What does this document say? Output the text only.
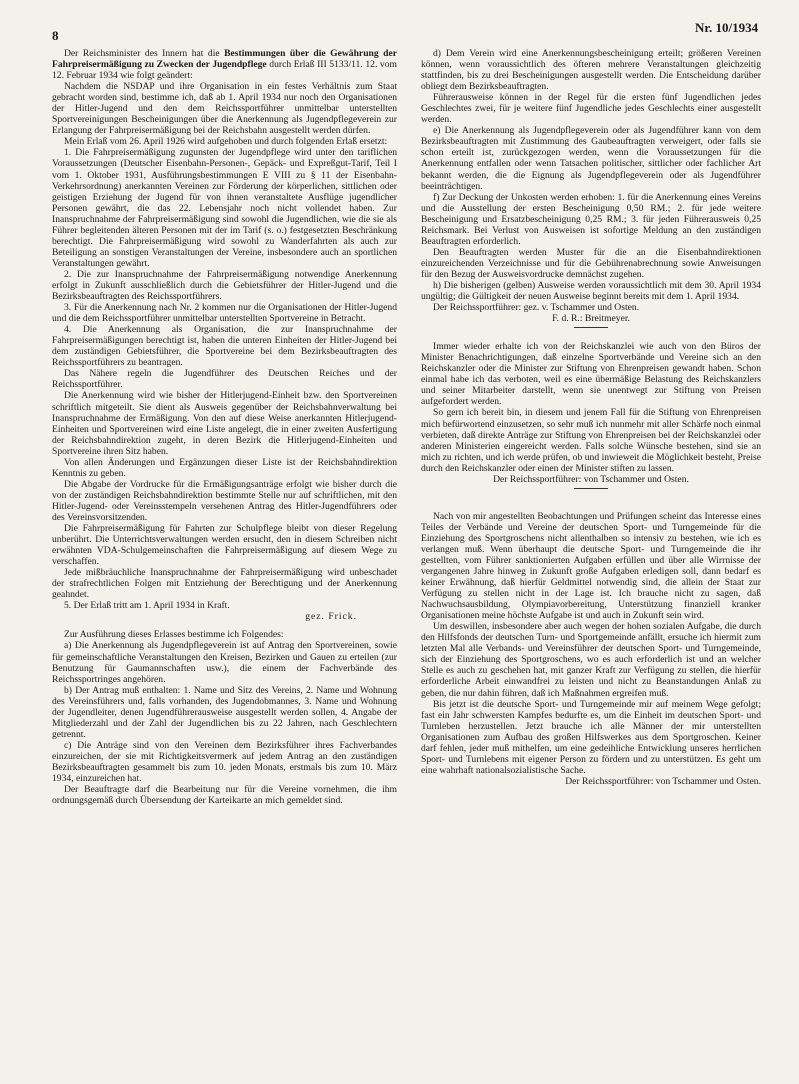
8
Nr. 10/1934

Der Reichsminister des Innern hat die Bestimmungen über die Gewährung der Fahrpreisermäßigung zu Zwecken der Jugendpflege durch Erlaß III 5133/11. 12. vom 12. Februar 1934 wie folgt geändert:

Nachdem die NSDAP und ihre Organisation in ein festes Verhältnis zum Staat gebracht worden sind, bestimme ich, daß ab 1. April 1934 nur noch den Organisationen der Hitler-Jugend und den dem Reichssportführer unmittelbar unterstellten Sportvereinigungen Bescheinigungen über die Anerkennung als Jugendpflegeverein zur Erlangung der Fahrpreisermäßigung bei der Reichsbahn ausgestellt werden dürfen.

Mein Erlaß vom 26. April 1926 wird aufgehoben und durch folgenden Erlaß ersetzt:

1. Die Fahrpreisermäßigung zugunsten der Jugendpflege wird unter den tariflichen Voraussetzungen (Deutscher Eisenbahn-Personen-, Gepäck- und Expreßgut-Tarif, Teil I vom 1. Oktober 1931, Ausführungsbestimmungen E VIII zu § 11 der Eisenbahn-Verkehrsordnung) anerkannten Vereinen zur Förderung der körperlichen, sittlichen oder geistigen Erziehung der Jugend für von ihnen veranstaltete Ausflüge jugendlicher Personen gewährt, die das 22. Lebensjahr noch nicht vollendet haben. Zur Inanspruchnahme der Fahrpreisermäßigung sind sowohl die Jugendlichen, wie die sie als Führer begleitenden älteren Personen mit der im Tarif (s. o.) festgesetzten Beschränkung berechtigt. Die Fahrpreisermäßigung wird sowohl zu Wanderfahrten als auch zur Beteiligung an sonstigen Veranstaltungen der Vereine, insbesondere auch an sportlichen Veranstaltungen gewährt.

2. Die zur Inanspruchnahme der Fahrpreisermäßigung notwendige Anerkennung erfolgt in Zukunft ausschließlich durch die Gebietsführer der Hitler-Jugend und die Bezirksbeauftragten des Reichssportführers.

3. Für die Anerkennung nach Nr. 2 kommen nur die Organisationen der Hitler-Jugend und die dem Reichssportführer unmittelbar unterstellten Sportvereine in Betracht.

4. Die Anerkennung als Organisation, die zur Inanspruchnahme der Fahrpreisermäßigungen berechtigt ist, haben die unteren Einheiten der Hitler-Jugend bei dem zuständigen Gebietsführer, die Sportvereine bei dem Bezirksbeauftragten des Reichssportführers zu beantragen.

Das Nähere regeln die Jugendführer des Deutschen Reiches und der Reichssportführer.

Die Anerkennung wird wie bisher der Hitlerjugend-Einheit bzw. den Sportvereinen schriftlich mitgeteilt. Sie dient als Ausweis gegenüber der Reichsbahnverwaltung bei Inanspruchnahme der Ermäßigung. Von den auf diese Weise anerkannten Hitlerjugend-Einheiten und Sportvereinen wird eine Liste angelegt, die in einer zweiten Ausfertigung der Reichsbahndirektion zugeht, in deren Bezirk die Hitlerjugend-Einheiten und Sportvereine ihren Sitz haben.

Von allen Änderungen und Ergänzungen dieser Liste ist der Reichsbahndirektion Kenntnis zu geben.

Die Abgabe der Vordrucke für die Ermäßigungsanträge erfolgt wie bisher durch die von der zuständigen Reichsbahndirektion bestimmte Stelle nur auf schriftlichen, mit den Hitler-Jugend- oder Vereinsstempeln versehenen Antrag des Hitler-Jugendführers oder des Vereinsvorsitzenden.

Die Fahrpreisermäßigung für Fahrten zur Schulpflege bleibt von dieser Regelung unberührt. Die Unterrichtsverwaltungen werden ersucht, den in diesem Schreiben nicht erwähnten VDA-Schulgemeinschaften die Fahrpreisermäßigung auf diesem Wege zu verschaffen.

Jede mißbräuchliche Inanspruchnahme der Fahrpreisermäßigung wird unbeschadet der strafrechtlichen Folgen mit Entziehung der Berechtigung und der Anerkennung geahndet.

5. Der Erlaß tritt am 1. April 1934 in Kraft.

gez. Frick.

Zur Ausführung dieses Erlasses bestimme ich Folgendes:

a) Die Anerkennung als Jugendpflegeverein ist auf Antrag den Sportvereinen, sowie für gemeinschaftliche Veranstaltungen den Kreisen, Bezirken und Gauen zu erteilen (zur Benutzung für Gaumannschaften usw.), die einem der Fachverbände des Reichssportringes angehören.

b) Der Antrag muß enthalten: 1. Name und Sitz des Vereins, 2. Name und Wohnung des Vereinsführers und, falls vorhanden, des Jugendobmannes, 3. Name und Wohnung der Jugendleiter, denen Jugendführerausweise ausgestellt werden sollen, 4. Angabe der Mitgliederzahl und der Zahl der Jugendlichen bis zu 22 Jahren, nach Geschlechtern getrennt.

c) Die Anträge sind von den Vereinen dem Bezirksführer ihres Fachverbandes einzureichen, der sie mit Richtigkeitsvermerk auf jedem Antrag an den zuständigen Bezirksbeauftragten gesammelt bis zum 10. jeden Monats, erstmals bis zum 10. März 1934, einzureichen hat.

Der Beauftragte darf die Bearbeitung nur für die Vereine vornehmen, die ihm ordnungsgemäß durch Übersendung der Karteikarte an mich gemeldet sind.

d) Dem Verein wird eine Anerkennungsbescheinigung erteilt; größeren Vereinen können, wenn voraussichtlich des öfteren mehrere Veranstaltungen gleichzeitig stattfinden, bis zu drei Bescheinigungen ausgestellt werden. Die Entscheidung darüber obliegt dem Bezirksbeauftragten.

Führerausweise können in der Regel für die ersten fünf Jugendlichen jedes Geschlechtes zwei, für je weitere fünf Jugendliche jedes Geschlechts einer ausgestellt werden.

e) Die Anerkennung als Jugendpflegeverein oder als Jugendführer kann von dem Bezirksbeauftragten mit Zustimmung des Gaubeauftragten verweigert, oder falls sie schon erteilt ist, zurückgezogen werden, wenn die Voraussetzungen für die Anerkennung entfallen oder wenn Tatsachen politischer, sittlicher oder fachlicher Art bekannt werden, die die Eignung als Jugendpflegeverein oder als Jugendführer beeinträchtigen.

f) Zur Deckung der Unkosten werden erhoben: 1. für die Anerkennung eines Vereins und die Ausstellung der ersten Bescheinigung 0,50 RM.; 2. für jede weitere Bescheinigung und Ersatzbescheinigung 0,25 RM.; 3. für jeden Führerausweis 0,25 Reichsmark. Bei Verlust von Ausweisen ist sofortige Meldung an den zuständigen Beauftragten erforderlich.

Den Beauftragten werden Muster für die an die Eisenbahndirektionen einzureichenden Verzeichnisse und für die Gebührenabrechnung sowie Anweisungen für den Bezug der Ausweisvordrucke demnächst zugehen.

h) Die bisherigen (gelben) Ausweise werden voraussichtlich mit dem 30. April 1934 ungültig; die Gültigkeit der neuen Ausweise beginnt bereits mit dem 1. April 1934.

Der Reichssportführer: gez. v. Tschammer und Osten.

F. d. R.: Breitmeyer.

Immer wieder erhalte ich von der Reichskanzlei wie auch von den Büros der Minister Benachrichtigungen, daß einzelne Sportverbände und Vereine sich an den Reichskanzler oder die Minister zur Stiftung von Ehrenpreisen gewandt haben. Schon einmal habe ich das verboten, weil es eine übermäßige Belastung des Reichskanzlers und seiner Mitarbeiter darstellt, wenn sie unentwegt zur Stiftung von Preisen aufgefordert werden.

So gern ich bereit bin, in diesem und jenem Fall für die Stiftung von Ehrenpreisen mich befürwortend einzusetzen, so sehr muß ich nunmehr mit aller Schärfe noch einmal verbieten, daß direkte Anträge zur Stiftung von Ehrenpreisen bei der Reichskanzlei oder anderen Ministerien eingereicht werden. Falls solche Wünsche bestehen, sind sie an mich zu richten, und ich werde prüfen, ob und inwieweit die Möglichkeit besteht, Preise durch den Reichskanzler oder einen der Minister stiften zu lassen.

Der Reichssportführer: von Tschammer und Osten.

Nach von mir angestellten Beobachtungen und Prüfungen scheint das Interesse eines Teiles der Verbände und Vereine der deutschen Sport- und Turngemeinde für die Einziehung des Sportgroschens nicht allenthalben so intensiv zu bestehen, wie ich es verlangen muß. Wenn überhaupt die deutsche Sport- und Turngemeinde die ihr gestellten, vom Führer sanktionierten Aufgaben erfüllen und über alle Wirrnisse der vergangenen Jahre hinweg in Zukunft große Aufgaben erledigen soll, dann bedarf es keiner Erwähnung, daß hierfür Geldmittel notwendig sind, die allein der Staat zur Verfügung zu stellen nicht in der Lage ist. Ich brauche nicht zu sagen, daß Nachwuchsausbildung, Olympiavorbereitung, Unterstützung finanziell kranker Organisationen meine höchste Aufgabe ist und auch in Zukunft sein wird.

Um deswillen, insbesondere aber auch wegen der hohen sozialen Aufgabe, die durch den Hilfsfonds der deutschen Turn- und Sportgemeinde anfällt, ersuche ich hiermit zum letzten Mal alle Verbands- und Vereinsführer der deutschen Sport- und Turngemeinde, sich der Einziehung des Sportgroschens, wo es auch erforderlich ist und an welcher Stelle es auch zu geschehen hat, mit ganzer Kraft zur Verfügung zu stellen, die hierfür erforderliche Arbeit einwandfrei zu leisten und nicht zu Beanstandungen Anlaß zu geben, die nur dahin führen, daß ich Maßnahmen ergreifen muß.

Bis jetzt ist die deutsche Sport- und Turngemeinde mir auf meinem Wege gefolgt; fast ein Jahr schwersten Kampfes bedurfte es, um die Einheit im deutschen Sport- und Turnleben herzustellen. Jetzt brauche ich alle Männer der mir unterstellten Organisationen zum Aufbau des großen Hilfswerkes aus dem Sportgroschen. Keiner darf fehlen, jeder muß mithelfen, um eine gedeihliche Entwicklung unseres herrlichen Sport- und Turnlebens mit eigener Person zu fördern und zu unterstützen. Es geht um eine wahrhaft nationalsozialistische Sache.

Der Reichssportführer: von Tschammer und Osten.
